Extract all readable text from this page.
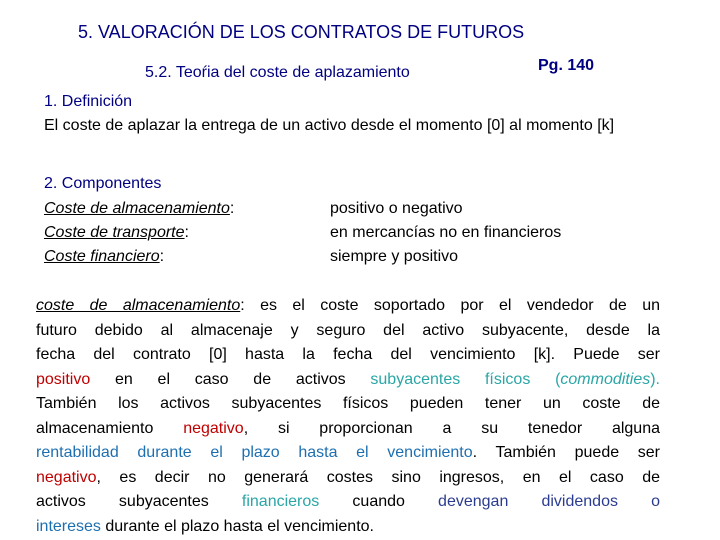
5. VALORACIÓN DE LOS CONTRATOS DE FUTUROS
5.2. Teoŕia del coste de aplazamiento	Pg. 140
1. Definición
El coste de aplazar la entrega de un activo desde el momento [0] al momento [k]
2. Componentes
Coste de almacenamiento:
Coste de transporte:
Coste financiero:
positivo o negativo
en mercancías no en financieros
siempre y positivo
coste de almacenamiento: es el coste soportado por el vendedor de un
futuro debido al almacenaje y seguro del activo subyacente, desde la
fecha del contrato [0] hasta la fecha del vencimiento [k]. Puede ser
positivo en el caso de activos subyacentes físicos (commodities).
También los activos subyacentes físicos pueden tener un coste de
almacenamiento negativo, si proporcionan a su tenedor alguna
rentabilidad durante el plazo hasta el vencimiento. También puede ser
negativo, es decir no generará costes sino ingresos, en el caso de
activos subyacentes financieros cuando devengan dividendos o
intereses durante el plazo hasta el vencimiento.
